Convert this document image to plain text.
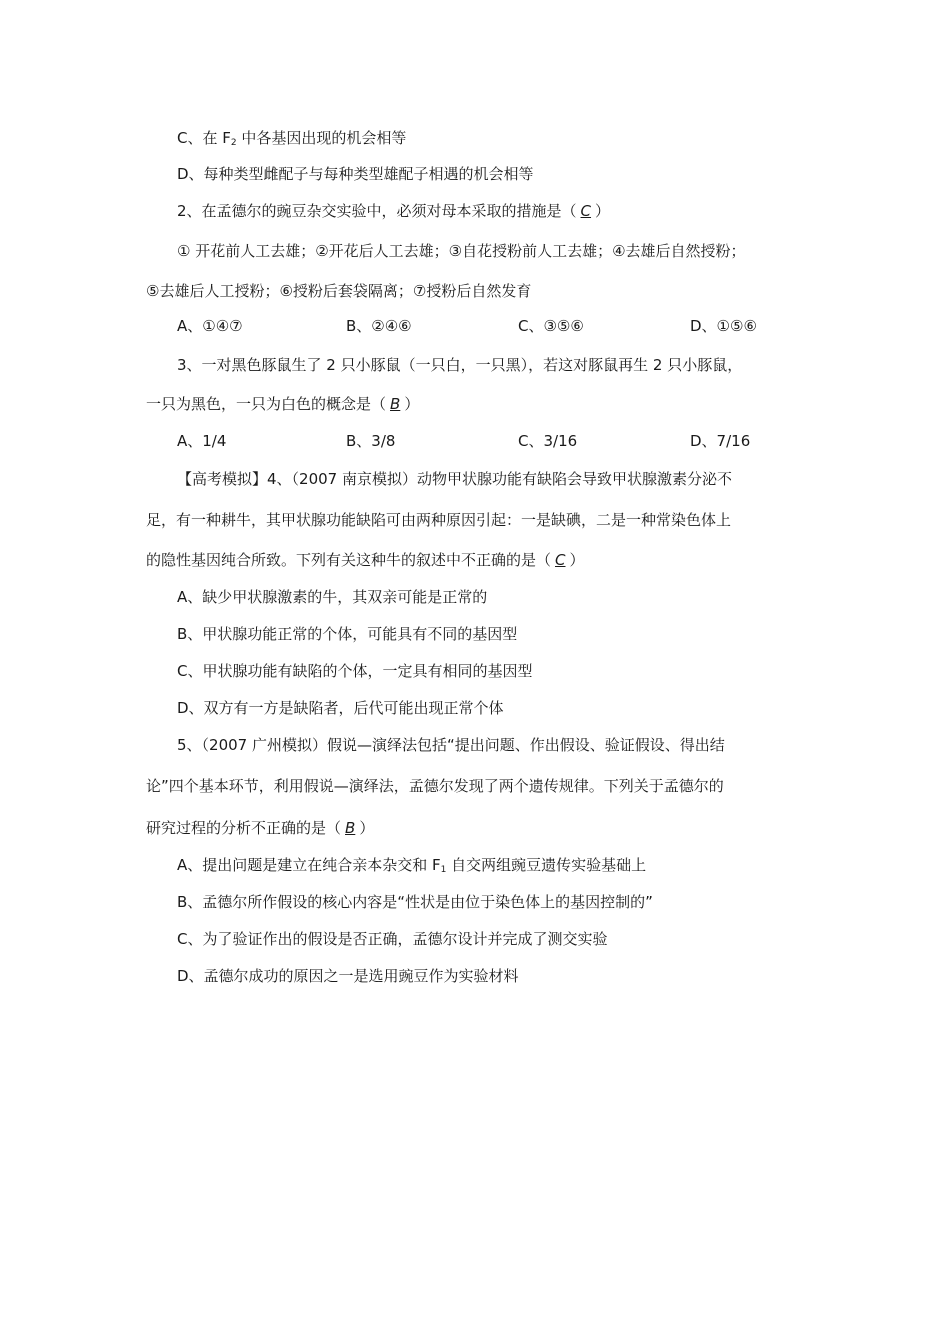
C、在 $F_2$ 中各基因出现的机会相等
D、每种类型雌配子与每种类型雄配子相遇的机会相等
2、在孟德尔的豌豆杂交实验中，必须对母本采取的措施是（ C ）
① 开花前人工去雄；②开花后人工去雄；③自花授粉前人工去雄；④去雄后自然授粉；
⑤去雄后人工授粉；⑥授粉后套袋隔离；⑦授粉后自然发育
A、①④⑦	B、②④⑥	C、③⑤⑥	D、①⑤⑥
3、一对黑色豚鼠生了 2 只小豚鼠（一只白，一只黑），若这对豚鼠再生 2 只小豚鼠，
一只为黑色，一只为白色的概念是（ B ）
A、1/4	B、3/8	C、3/16	D、7/16
【高考模拟】4、（2007 南京模拟）动物甲状腺功能有缺陷会导致甲状腺激素分泌不
足，有一种耕牛，其甲状腺功能缺陷可由两种原因引起：一是缺碘，二是一种常染色体上
的隐性基因纯合所致。下列有关这种牛的叙述中不正确的是（ C ）
A、缺少甲状腺激素的牛，其双亲可能是正常的
B、甲状腺功能正常的个体，可能具有不同的基因型
C、甲状腺功能有缺陷的个体，一定具有相同的基因型
D、双方有一方是缺陷者，后代可能出现正常个体
5、（2007 广州模拟）假说—演绎法包括“提出问题、作出假设、验证假设、得出结
论”四个基本环节，利用假说—演绎法，孟德尔发现了两个遗传规律。下列关于孟德尔的
研究过程的分析不正确的是（ B ）
A、提出问题是建立在纯合亲本杂交和 $F_1$ 自交两组豌豆遗传实验基础上
B、孟德尔所作假设的核心内容是“性状是由位于染色体上的基因控制的”
C、为了验证作出的假设是否正确，孟德尔设计并完成了测交实验
D、孟德尔成功的原因之一是选用豌豆作为实验材料
